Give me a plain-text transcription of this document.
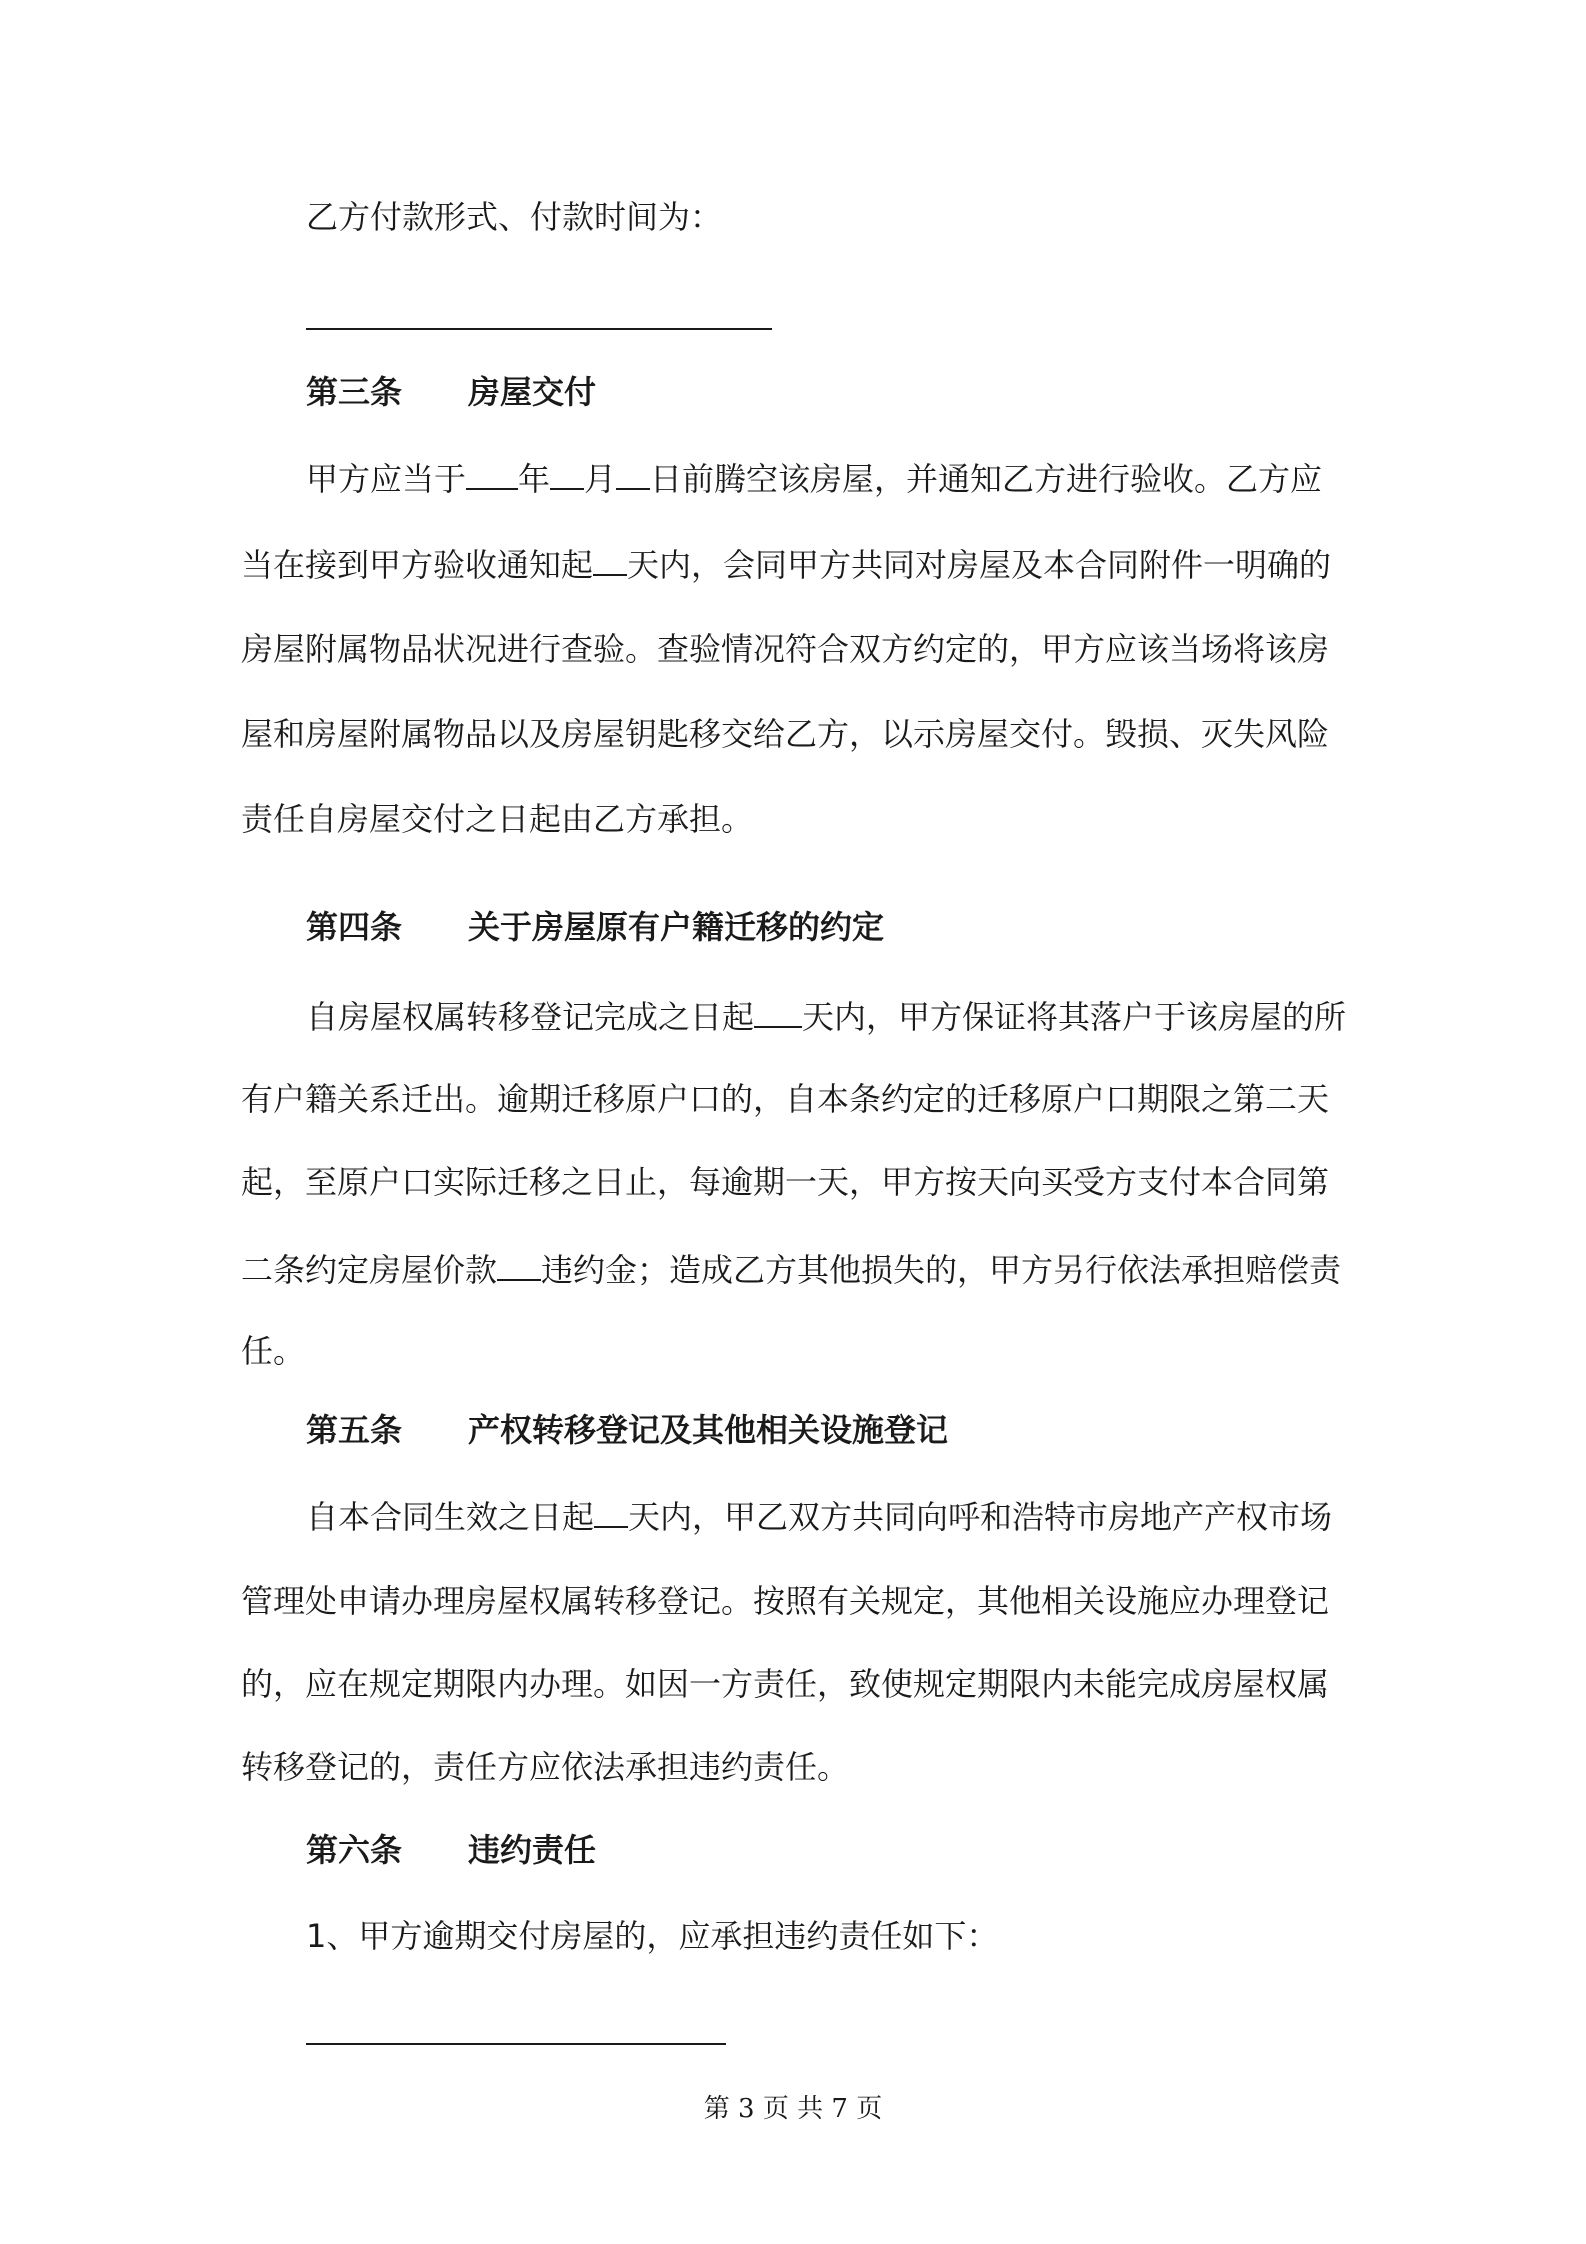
乙方付款形式、付款时间为：
第三条 房屋交付
甲方应当于 年 月 日前腾空该房屋，并通知乙方进行验收。乙方应
当在接到甲方验收通知起 天内，会同甲方共同对房屋及本合同附件一明确的
房屋附属物品状况进行查验。查验情况符合双方约定的，甲方应该当场将该房
屋和房屋附属物品以及房屋钥匙移交给乙方，以示房屋交付。毁损、灭失风险
责任自房屋交付之日起由乙方承担。
第四条 关于房屋原有户籍迁移的约定
自房屋权属转移登记完成之日起 天内，甲方保证将其落户于该房屋的所
有户籍关系迁出。逾期迁移原户口的，自本条约定的迁移原户口期限之第二天
起，至原户口实际迁移之日止，每逾期一天，甲方按天向买受方支付本合同第
二条约定房屋价款 违约金；造成乙方其他损失的，甲方另行依法承担赔偿责
任。
第五条 产权转移登记及其他相关设施登记
自本合同生效之日起 天内，甲乙双方共同向呼和浩特市房地产产权市场
管理处申请办理房屋权属转移登记。按照有关规定，其他相关设施应办理登记
的，应在规定期限内办理。如因一方责任，致使规定期限内未能完成房屋权属
转移登记的，责任方应依法承担违约责任。
第六条 违约责任
1、甲方逾期交付房屋的，应承担违约责任如下：
第 3 页 共 7 页
